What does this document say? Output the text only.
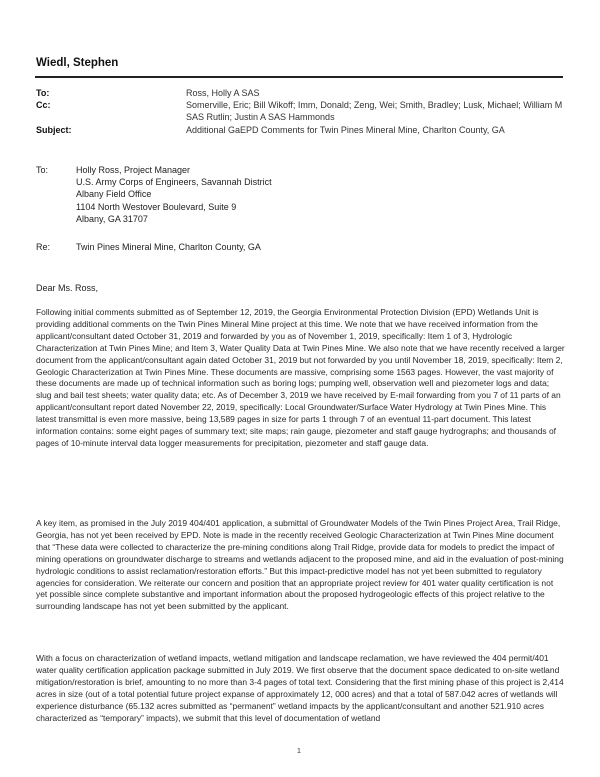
Wiedl, Stephen
To:	Ross, Holly A SAS
Cc:	Somerville, Eric; Bill Wikoff; Imm, Donald; Zeng, Wei; Smith, Bradley; Lusk, Michael; William M SAS Rutlin; Justin A SAS Hammonds
Subject:	Additional GaEPD Comments for Twin Pines Mineral Mine, Charlton County, GA
To:	Holly Ross, Project Manager
U.S. Army Corps of Engineers, Savannah District
Albany Field Office
1104 North Westover Boulevard, Suite 9
Albany, GA 31707
Re:	Twin Pines Mineral Mine, Charlton County, GA
Dear Ms. Ross,
Following initial comments submitted as of September 12, 2019, the Georgia Environmental Protection Division (EPD) Wetlands Unit is providing additional comments on the Twin Pines Mineral Mine project at this time. We note that we have received information from the applicant/consultant dated October 31, 2019 and forwarded by you as of November 1, 2019, specifically: Item 1 of 3, Hydrologic Characterization at Twin Pines Mine; and Item 3, Water Quality Data at Twin Pines Mine. We also note that we have recently received a larger document from the applicant/consultant again dated October 31, 2019 but not forwarded by you until November 18, 2019, specifically: Item 2, Geologic Characterization at Twin Pines Mine. These documents are massive, comprising some 1563 pages. However, the vast majority of these documents are made up of technical information such as boring logs; pumping well, observation well and piezometer logs and data; slug and bail test sheets; water quality data; etc. As of December 3, 2019 we have received by E-mail forwarding from you 7 of 11 parts of an applicant/consultant report dated November 22, 2019, specifically: Local Groundwater/Surface Water Hydrology at Twin Pines Mine. This latest transmittal is even more massive, being 13,589 pages in size for parts 1 through 7 of an eventual 11-part document. This latest information contains: some eight pages of summary text; site maps; rain gauge, piezometer and staff gauge hydrographs; and thousands of pages of 10-minute interval data logger measurements for precipitation, piezometer and staff gauge data.
A key item, as promised in the July 2019 404/401 application, a submittal of Groundwater Models of the Twin Pines Project Area, Trail Ridge, Georgia, has not yet been received by EPD. Note is made in the recently received Geologic Characterization at Twin Pines Mine document that “These data were collected to characterize the pre-mining conditions along Trail Ridge, provide data for models to predict the impact of mining operations on groundwater discharge to streams and wetlands adjacent to the proposed mine, and aid in the evaluation of post-mining hydrologic conditions to assist reclamation/restoration efforts.” But this impact-predictive model has not yet been submitted to regulatory agencies for consideration. We reiterate our concern and position that an appropriate project review for 401 water quality certification is not yet possible since complete substantive and important information about the proposed hydrogeologic effects of this project relative to the surrounding landscape has not yet been submitted by the applicant.
With a focus on characterization of wetland impacts, wetland mitigation and landscape reclamation, we have reviewed the 404 permit/401 water quality certification application package submitted in July 2019. We first observe that the document space dedicated to on-site wetland mitigation/restoration is brief, amounting to no more than 3-4 pages of total text. Considering that the first mining phase of this project is 2,414 acres in size (out of a total potential future project expanse of approximately 12, 000 acres) and that a total of 587.042 acres of wetlands will experience disturbance (65.132 acres submitted as “permanent” wetland impacts by the applicant/consultant and another 521.910 acres characterized as “temporary” impacts), we submit that this level of documentation of wetland
1
